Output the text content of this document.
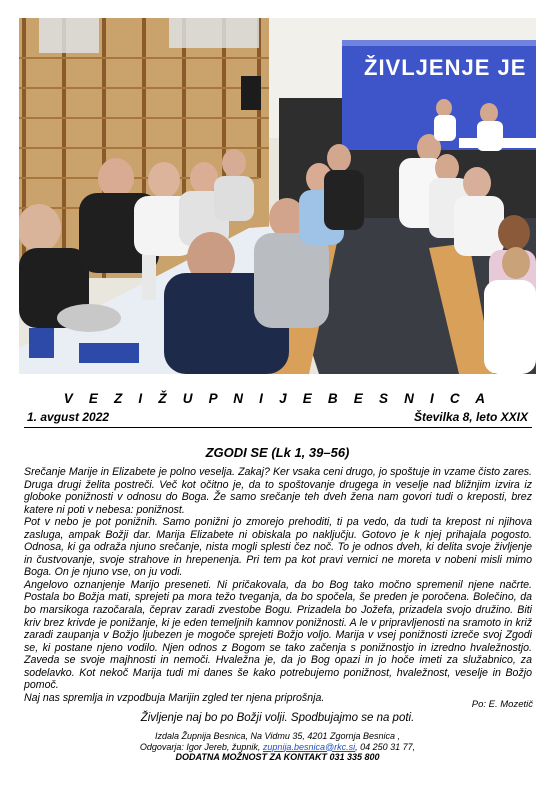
ŽIVLJENJE JE
V E Z I Ž U P N I J E B E S N I C A
1. avgust 2022	Številka 8, leto XXIX
ZGODI SE (Lk 1, 39–56)

Srečanje Marije in Elizabete je polno veselja. Zakaj? Ker vsaka ceni drugo, jo spoštuje in vzame čisto zares. Druga drugi želita postreči. Več kot očitno je, da to spoštovanje drugega in veselje nad bližnjim izvira iz globoke ponižnosti v odnosu do Boga. Že samo srečanje teh dveh žena nam govori tudi o kreposti, brez katere ni poti v nebesa: ponižnost.

Pot v nebo je pot ponižnih. Samo ponižni jo zmorejo prehoditi, ti pa vedo, da tudi ta krepost ni njihova zasluga, ampak Božji dar. Marija Elizabete ni obiskala po naključju. Gotovo je k njej prihajala pogosto. Odnosa, ki ga odraža njuno srečanje, nista mogli splesti čez noč. To je odnos dveh, ki delita svoje življenje in čustvovanje, svoje strahove in hrepenenja. Pri tem pa kot pravi vernici ne moreta v nobeni misli mimo Boga. On je njuno vse, on ju vodi.

Angelovo oznanjenje Marijo preseneti. Ni pričakovala, da bo Bog tako močno spremenil njene načrte. Postala bo Božja mati, sprejeti pa mora težo tveganja, da bo spočela, še preden je poročena. Bolečino, da bo marsikoga razočarala, čeprav zaradi zvestobe Bogu. Prizadela bo Jožefa, prizadela svojo družino. Biti kriv brez krivde je ponižanje, ki je eden temeljnih kamnov ponižnosti. A le v pripravljenosti na sramoto in križ zaradi zaupanja v Božjo ljubezen je mogoče sprejeti Božjo voljo. Marija v vsej ponižnosti izreče svoj Zgodi se, ki postane njeno vodilo. Njen odnos z Bogom se tako začenja s ponižnostjo in izredno hvaležnostjo. Zaveda se svoje majhnosti in nemoči. Hvaležna je, da jo Bog opazi in jo hoče imeti za služabnico, za sodelavko. Kot nekoč Marija tudi mi danes še kako potrebujemo ponižnost, hvaležnost, veselje in Božjo pomoč.

Naj nas spremlja in vzpodbuja Marijin zgled ter njena priprošnja.

Po: E. Mozetič
Življenje naj bo po Božji volji. Spodbujajmo se na poti.
Izdala Župnija Besnica, Na Vidmu 35, 4201 Zgornja Besnica ,
Odgovarja: Igor Jereb, župnik, zupnija.besnica@rkc.si, 04 250 31 77,
DODATNA MOŽNOST ZA KONTAKT 031 335 800
